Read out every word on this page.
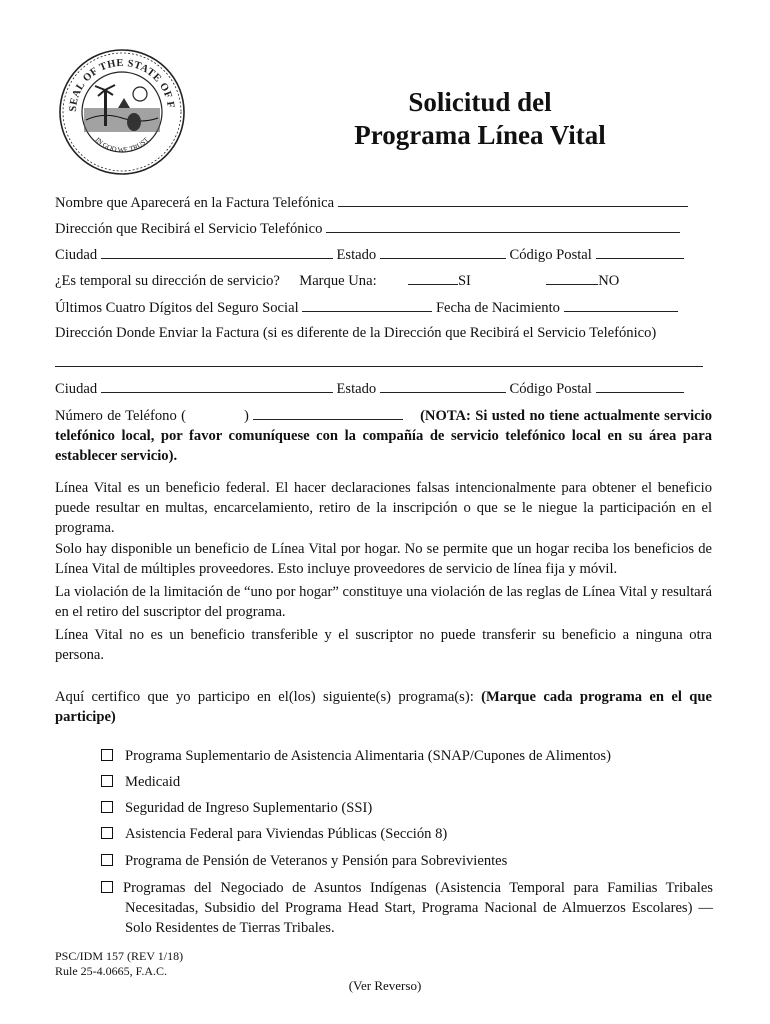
SEAL OF THE STATE OF F
IN GOD WE TRUST
Solicitud del
Programa Línea Vital
Nombre que Aparecerá en la Factura Telefónica
Dirección que Recibirá el Servicio Telefónico
Ciudad	Estado	Código Postal
¿Es temporal su dirección de servicio? Marque Una:	SI	NO
Últimos Cuatro Dígitos del Seguro Social	Fecha de Nacimiento
Dirección Donde Enviar la Factura (si es diferente de la Dirección que Recibirá el Servicio Telefónico)
Ciudad	Estado	Código Postal
Número de Teléfono (	)	(NOTA: Si usted no tiene actualmente servicio telefónico local, por favor comuníquese con la compañía de servicio telefónico local en su área para establecer servicio).
Línea Vital es un beneficio federal. El hacer declaraciones falsas intencionalmente para obtener el beneficio puede resultar en multas, encarcelamiento, retiro de la inscripción o que se le niegue la participación en el programa.
Solo hay disponible un beneficio de Línea Vital por hogar. No se permite que un hogar reciba los beneficios de Línea Vital de múltiples proveedores. Esto incluye proveedores de servicio de línea fija y móvil.
La violación de la limitación de “uno por hogar” constituye una violación de las reglas de Línea Vital y resultará en el retiro del suscriptor del programa.
Línea Vital no es un beneficio transferible y el suscriptor no puede transferir su beneficio a ninguna otra persona.
Aquí certifico que yo participo en el(los) siguiente(s) programa(s): (Marque cada programa en el que participe)
Programa Suplementario de Asistencia Alimentaria (SNAP/Cupones de Alimentos)
Medicaid
Seguridad de Ingreso Suplementario (SSI)
Asistencia Federal para Viviendas Públicas (Sección 8)
Programa de Pensión de Veteranos y Pensión para Sobrevivientes
Programas del Negociado de Asuntos Indígenas (Asistencia Temporal para Familias Tribales Necesitadas, Subsidio del Programa Head Start, Programa Nacional de Almuerzos Escolares) — Solo Residentes de Tierras Tribales.
PSC/IDM 157 (REV 1/18)
Rule 25-4.0665, F.A.C.
(Ver Reverso)
